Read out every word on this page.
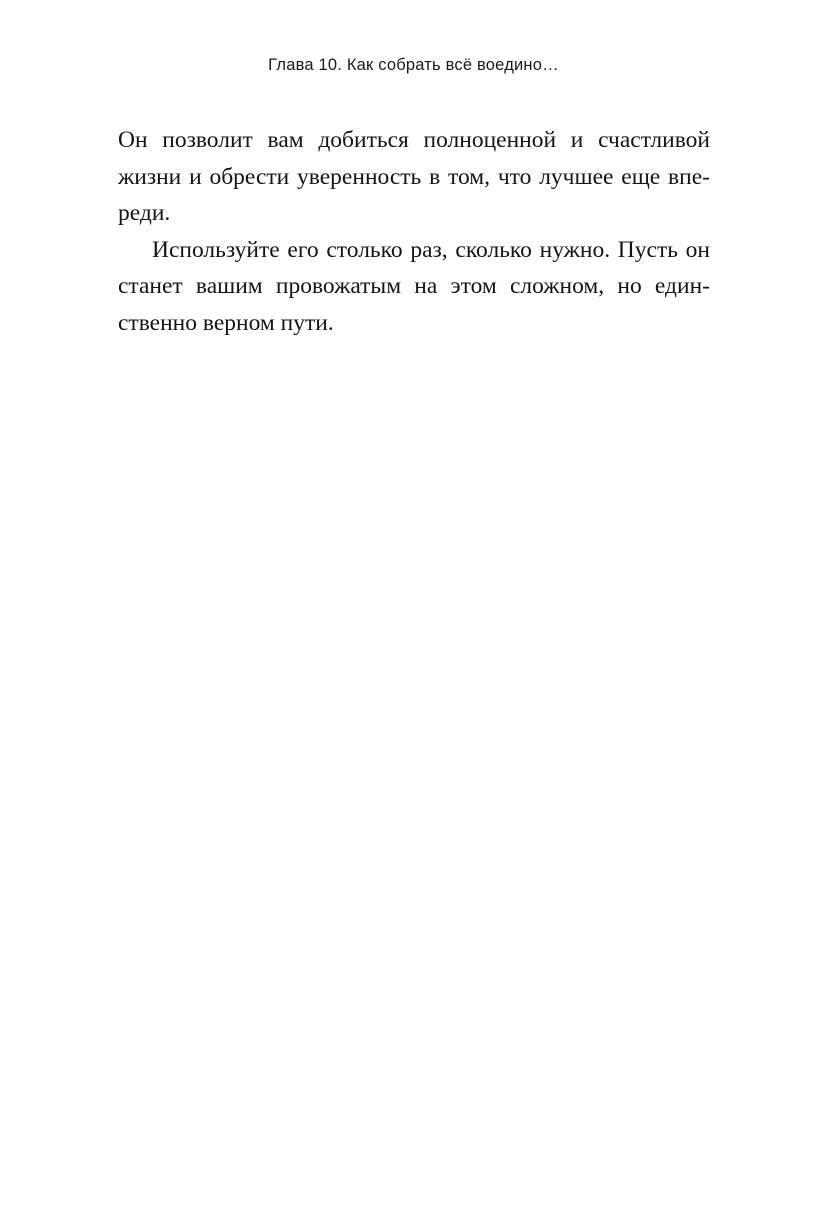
Глава 10. Как собрать всё воедино…

Он позволит вам добиться полноценной и счастливой жизни и обрести уверенность в том, что лучшее еще впе-реди.

Используйте его столько раз, сколько нужно. Пусть он станет вашим провожатым на этом сложном, но един-ственно верном пути.
